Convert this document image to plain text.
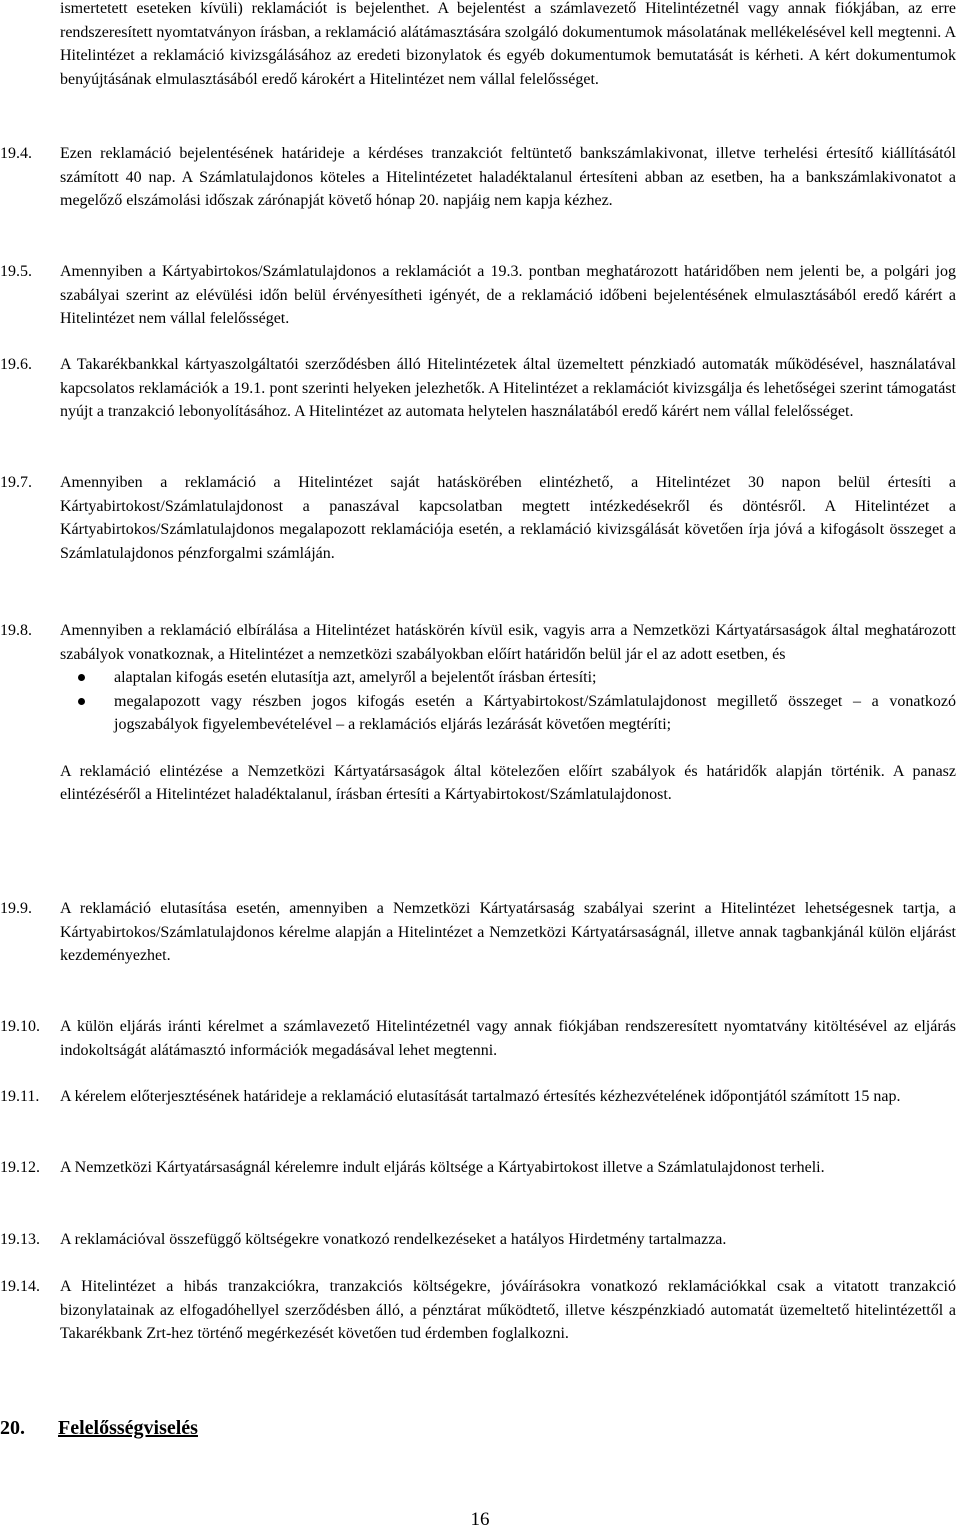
ismertetett eseteken kívüli) reklamációt is bejelenthet. A bejelentést a számlavezető Hitelintézetnél vagy annak fiókjában, az erre rendszeresített nyomtatványon írásban, a reklamáció alátámasztására szolgáló dokumentumok másolatának mellékelésével kell megtenni. A Hitelintézet a reklamáció kivizsgálásához az eredeti bizonylatok és egyéb dokumentumok bemutatását is kérheti. A kért dokumentumok benyújtásának elmulasztásából eredő károkért a Hitelintézet nem vállal felelősséget.
19.4.	Ezen reklamáció bejelentésének határideje a kérdéses tranzakciót feltüntető bankszámlakivonat, illetve terhelési értesítő kiállításától számított 40 nap. A Számlatulajdonos köteles a Hitelintézetet haladéktalanul értesíteni abban az esetben, ha a bankszámlakivonatot a megelőző elszámolási időszak zárónapját követő hónap 20. napjáig nem kapja kézhez.
19.5.	Amennyiben a Kártyabirtokos/Számlatulajdonos a reklamációt a 19.3. pontban meghatározott határidőben nem jelenti be, a polgári jog szabályai szerint az elévülési időn belül érvényesítheti igényét, de a reklamáció időbeni bejelentésének elmulasztásából eredő kárért a Hitelintézet nem vállal felelősséget.
19.6.	A Takarékbankkal kártyaszolgáltatói szerződésben álló Hitelintézetek által üzemeltett pénzkiadó automaták működésével, használatával kapcsolatos reklamációk a 19.1. pont szerinti helyeken jelezhetők. A Hitelintézet a reklamációt kivizsgálja és lehetőségei szerint támogatást nyújt a tranzakció lebonyolításához. A Hitelintézet az automata helytelen használatából eredő kárért nem vállal felelősséget.
19.7.	Amennyiben a reklamáció a Hitelintézet saját hatáskörében elintézhető, a Hitelintézet 30 napon belül értesíti a Kártyabirtokost/Számlatulajdonost a panaszával kapcsolatban megtett intézkedésekről és döntésről. A Hitelintézet a Kártyabirtokos/Számlatulajdonos megalapozott reklamációja esetén, a reklamáció kivizsgálását követően írja jóvá a kifogásolt összeget a Számlatulajdonos pénzforgalmi számláján.
19.8.	Amennyiben a reklamáció elbírálása a Hitelintézet hatáskörén kívül esik, vagyis arra a Nemzetközi Kártyatársaságok által meghatározott szabályok vonatkoznak, a Hitelintézet a nemzetközi szabályokban előírt határidőn belül jár el az adott esetben, és
alaptalan kifogás esetén elutasítja azt, amelyről a bejelentőt írásban értesíti;
megalapozott vagy részben jogos kifogás esetén a Kártyabirtokost/Számlatulajdonost megillető összeget – a vonatkozó jogszabályok figyelembevételével – a reklamációs eljárás lezárását követően megtéríti;
A reklamáció elintézése a Nemzetközi Kártyatársaságok által kötelezően előírt szabályok és határidők alapján történik. A panasz elintézéséről a Hitelintézet haladéktalanul, írásban értesíti a Kártyabirtokost/Számlatulajdonost.
19.9.	A reklamáció elutasítása esetén, amennyiben a Nemzetközi Kártyatársaság szabályai szerint a Hitelintézet lehetségesnek tartja, a Kártyabirtokos/Számlatulajdonos kérelme alapján a Hitelintézet a Nemzetközi Kártyatársaságnál, illetve annak tagbankjánál külön eljárást kezdeményezhet.
19.10.	A külön eljárás iránti kérelmet a számlavezető Hitelintézetnél vagy annak fiókjában rendszeresített nyomtatvány kitöltésével az eljárás indokoltságát alátámasztó információk megadásával lehet megtenni.
19.11.	A kérelem előterjesztésének határideje a reklamáció elutasítását tartalmazó értesítés kézhezvételének időpontjától számított 15 nap.
19.12.	A Nemzetközi Kártyatársaságnál kérelemre indult eljárás költsége a Kártyabirtokost illetve a Számlatulajdonost terheli.
19.13.	A reklamációval összefüggő költségekre vonatkozó rendelkezéseket a hatályos Hirdetmény tartalmazza.
19.14.	A Hitelintézet a hibás tranzakciókra, tranzakciós költségekre, jóváírásokra vonatkozó reklamációkkal csak a vitatott tranzakció bizonylatainak az elfogadóhellyel szerződésben álló, a pénztárat működtető, illetve készpénzkiadó automatát üzemeltető hitelintézettől a Takarékbank Zrt-hez történő megérkezését követően tud érdemben foglalkozni.
20. Felelősségviselés
16
